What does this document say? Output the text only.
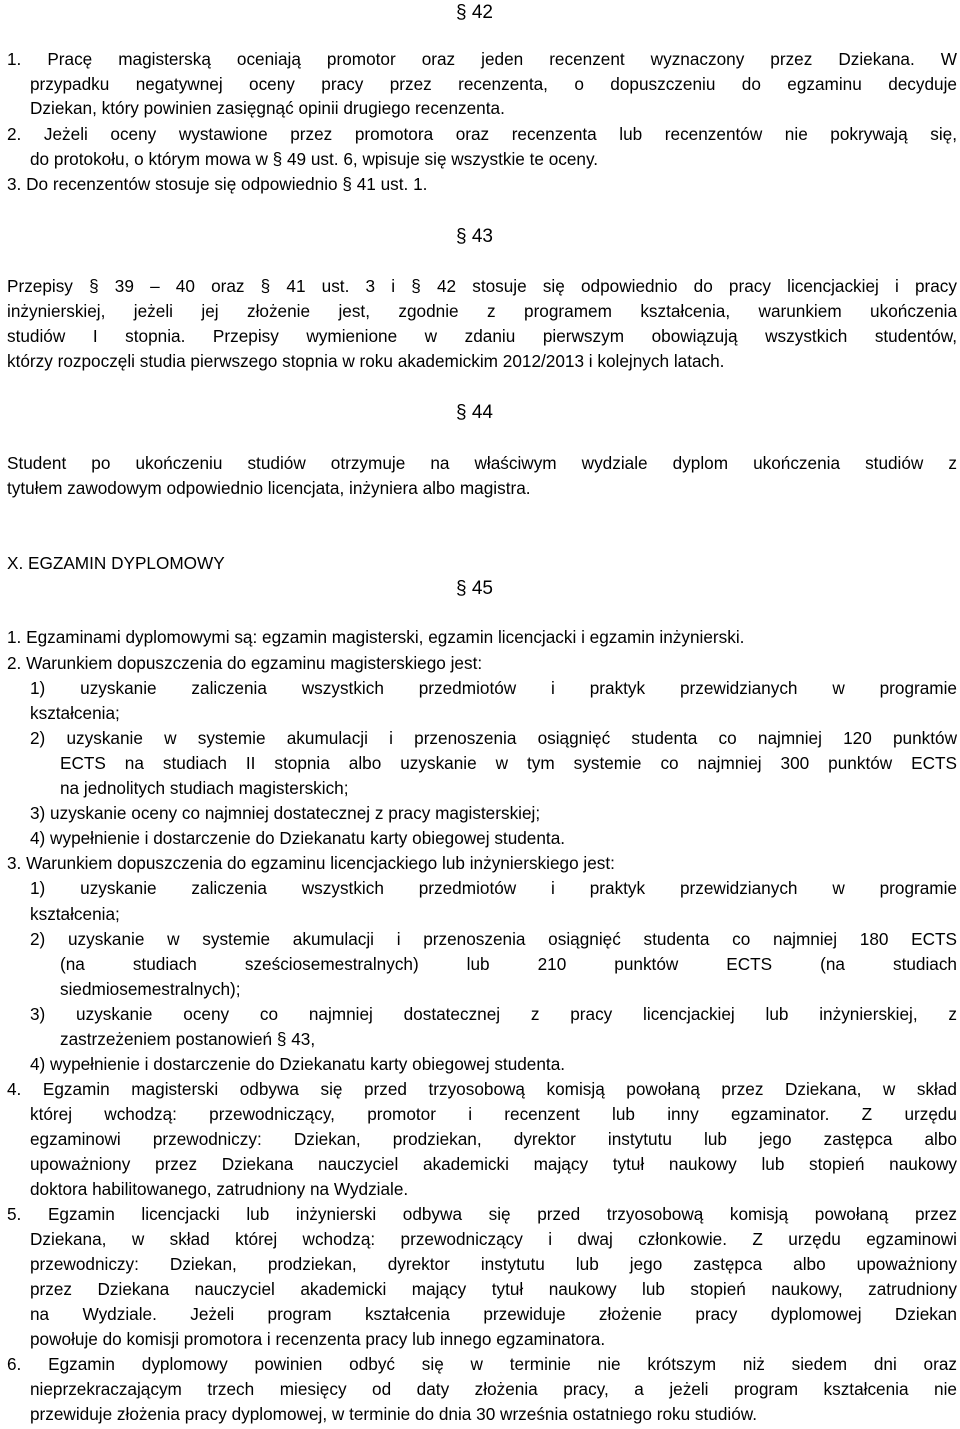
§ 42
1. Pracę magisterską oceniają promotor oraz jeden recenzent wyznaczony przez Dziekana. W
przypadku negatywnej oceny pracy przez recenzenta, o dopuszczeniu do egzaminu decyduje
Dziekan, który powinien zasięgnąć opinii drugiego recenzenta.
2. Jeżeli oceny wystawione przez promotora oraz recenzenta lub recenzentów nie pokrywają się,
do protokołu, o którym mowa w § 49 ust. 6, wpisuje się wszystkie te oceny.
3. Do recenzentów stosuje się odpowiednio § 41 ust. 1.
§ 43
Przepisy § 39 – 40 oraz § 41 ust. 3 i § 42 stosuje się odpowiednio do pracy licencjackiej i pracy
inżynierskiej, jeżeli jej złożenie jest, zgodnie z programem kształcenia, warunkiem ukończenia
studiów I stopnia. Przepisy wymienione w zdaniu pierwszym obowiązują wszystkich studentów,
którzy rozpoczęli studia pierwszego stopnia w roku akademickim 2012/2013 i kolejnych latach.
§ 44
Student po ukończeniu studiów otrzymuje na właściwym wydziale dyplom ukończenia studiów z
tytułem zawodowym odpowiednio licencjata, inżyniera albo magistra.
X. EGZAMIN DYPLOMOWY
§ 45
1. Egzaminami dyplomowymi są: egzamin magisterski, egzamin licencjacki i egzamin inżynierski.
2. Warunkiem dopuszczenia do egzaminu magisterskiego jest:
1) uzyskanie zaliczenia wszystkich przedmiotów i praktyk przewidzianych w programie
kształcenia;
2) uzyskanie w systemie akumulacji i przenoszenia osiągnięć studenta co najmniej 120 punktów
ECTS na studiach II stopnia albo uzyskanie w tym systemie co najmniej 300 punktów ECTS
na jednolitych studiach magisterskich;
3) uzyskanie oceny co najmniej dostatecznej z pracy magisterskiej;
4) wypełnienie i dostarczenie do Dziekanatu karty obiegowej studenta.
3. Warunkiem dopuszczenia do egzaminu licencjackiego lub inżynierskiego jest:
1) uzyskanie zaliczenia wszystkich przedmiotów i praktyk przewidzianych w programie
kształcenia;
2) uzyskanie w systemie akumulacji i przenoszenia osiągnięć studenta co najmniej 180 ECTS
(na studiach sześciosemestralnych) lub 210 punktów ECTS (na studiach
siedmiosemestralnych);
3) uzyskanie oceny co najmniej dostatecznej z pracy licencjackiej lub inżynierskiej, z
zastrzeżeniem postanowień § 43,
4) wypełnienie i dostarczenie do Dziekanatu karty obiegowej studenta.
4. Egzamin magisterski odbywa się przed trzyosobową komisją powołaną przez Dziekana, w skład
której wchodzą: przewodniczący, promotor i recenzent lub inny egzaminator. Z urzędu
egzaminowi przewodniczy: Dziekan, prodziekan, dyrektor instytutu lub jego zastępca albo
upoważniony przez Dziekana nauczyciel akademicki mający tytuł naukowy lub stopień naukowy
doktora habilitowanego, zatrudniony na Wydziale.
5. Egzamin licencjacki lub inżynierski odbywa się przed trzyosobową komisją powołaną przez
Dziekana, w skład której wchodzą: przewodniczący i dwaj członkowie. Z urzędu egzaminowi
przewodniczy: Dziekan, prodziekan, dyrektor instytutu lub jego zastępca albo upoważniony
przez Dziekana nauczyciel akademicki mający tytuł naukowy lub stopień naukowy, zatrudniony
na Wydziale. Jeżeli program kształcenia przewiduje złożenie pracy dyplomowej Dziekan
powołuje do komisji promotora i recenzenta pracy lub innego egzaminatora.
6. Egzamin dyplomowy powinien odbyć się w terminie nie krótszym niż siedem dni oraz
nieprzekraczającym trzech miesięcy od daty złożenia pracy, a jeżeli program kształcenia nie
przewiduje złożenia pracy dyplomowej, w terminie do dnia 30 września ostatniego roku studiów.
